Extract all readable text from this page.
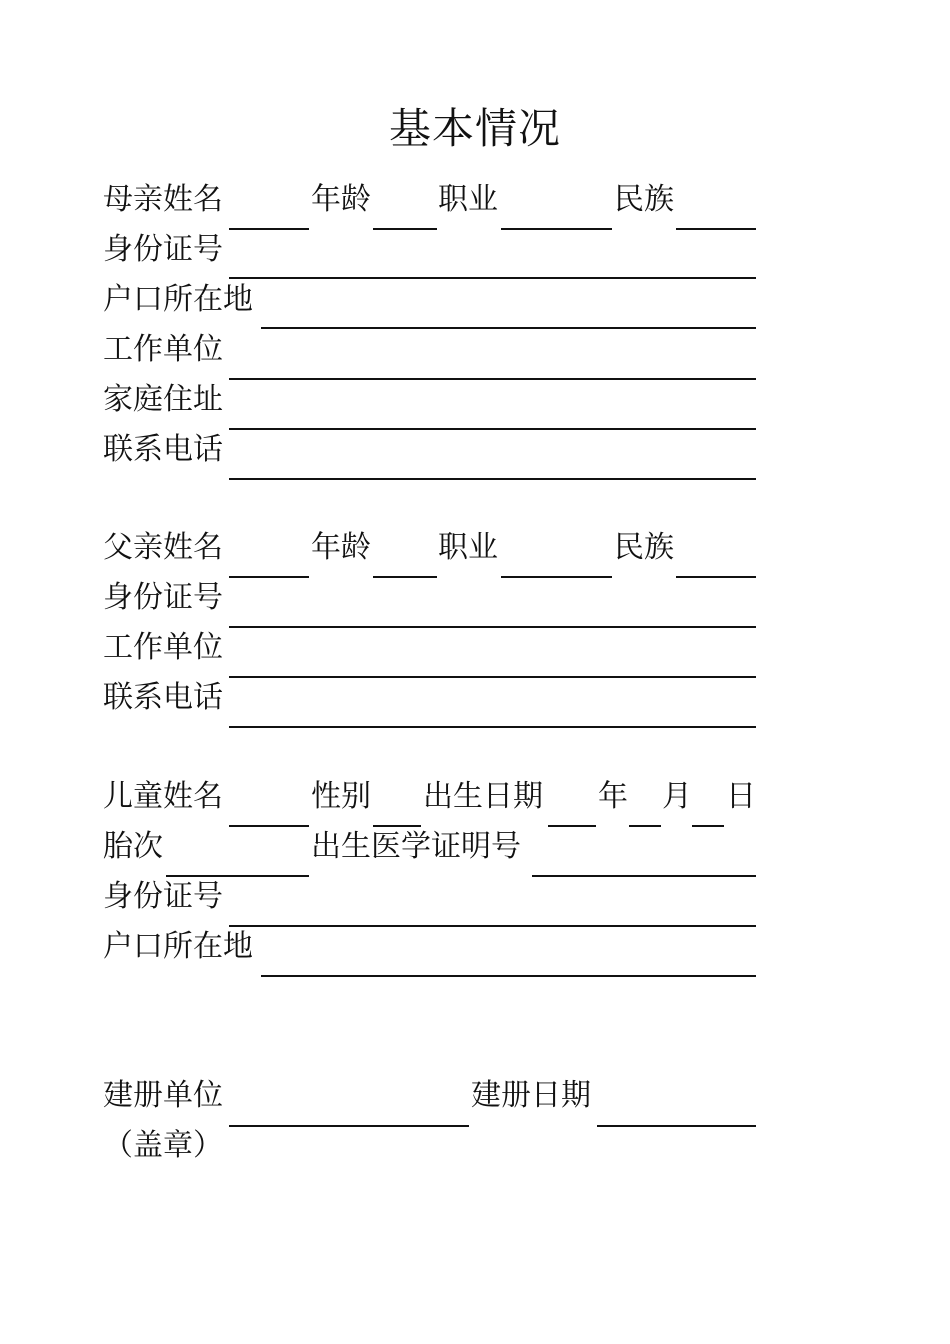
基本情况
母亲姓名	年龄 职业	民族
身份证号
户口所在地
工作单位
家庭住址
联系电话
父亲姓名	年龄 职业	民族
身份证号
工作单位
联系电话
儿童姓名	性别 出生日期 年 月 日
胎次	出生医学证明号
身份证号
户口所在地
建册单位	建册日期
（盖章）
